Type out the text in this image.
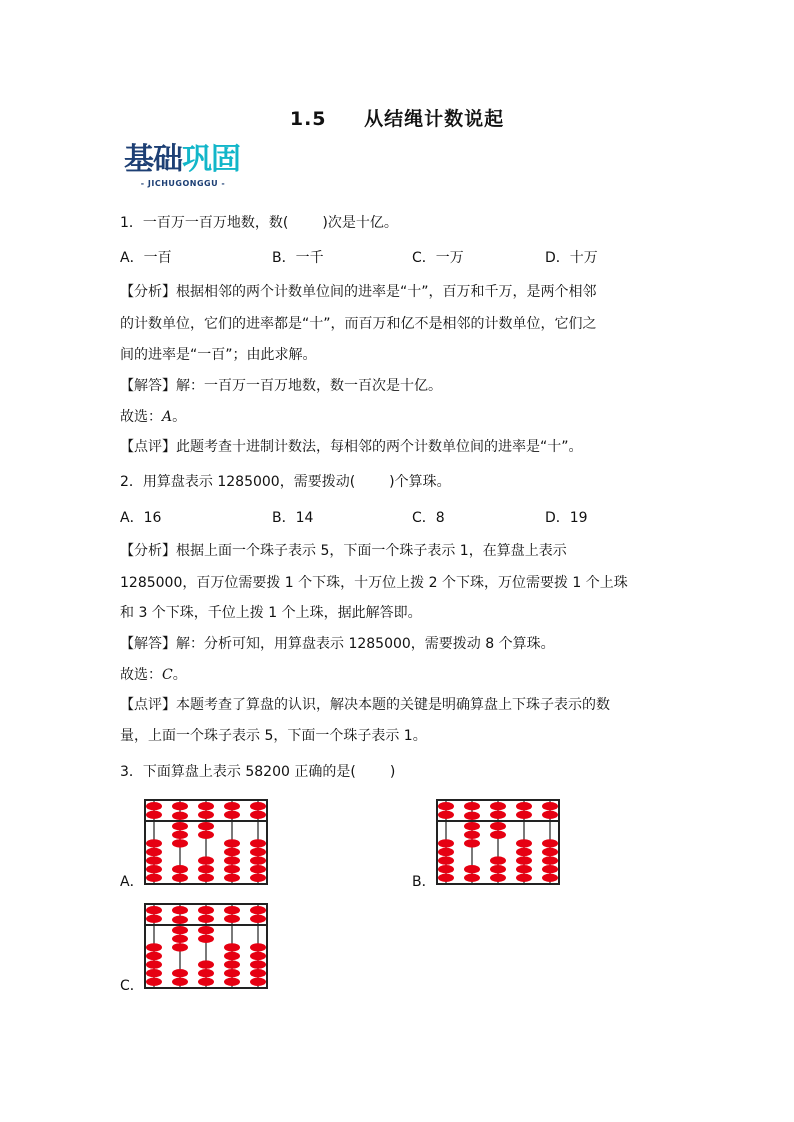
1.5 从结绳计数说起
基础巩固
- JICHUGONGGU -
1．一百万一百万地数，数( )次是十亿。
A．一百	B．一千	C．一万	D．十万
【分析】根据相邻的两个计数单位间的进率是“十”，百万和千万，是两个相邻
的计数单位，它们的进率都是“十”，而百万和亿不是相邻的计数单位，它们之
间的进率是“一百”；由此求解。
【解答】解：一百万一百万地数，数一百次是十亿。
故选：A。
【点评】此题考查十进制计数法，每相邻的两个计数单位间的进率是“十”。
2．用算盘表示 1285000，需要拨动( )个算珠。
A．16	B．14	C．8	D．19
【分析】根据上面一个珠子表示 5，下面一个珠子表示 1，在算盘上表示
1285000，百万位需要拨 1 个下珠，十万位上拨 2 个下珠，万位需要拨 1 个上珠
和 3 个下珠，千位上拨 1 个上珠，据此解答即。
【解答】解：分析可知，用算盘表示 1285000，需要拨动 8 个算珠。
故选：C。
【点评】本题考查了算盘的认识，解决本题的关键是明确算盘上下珠子表示的数
量，上面一个珠子表示 5，下面一个珠子表示 1。
3．下面算盘上表示 58200 正确的是( )
A．	B．
C．
